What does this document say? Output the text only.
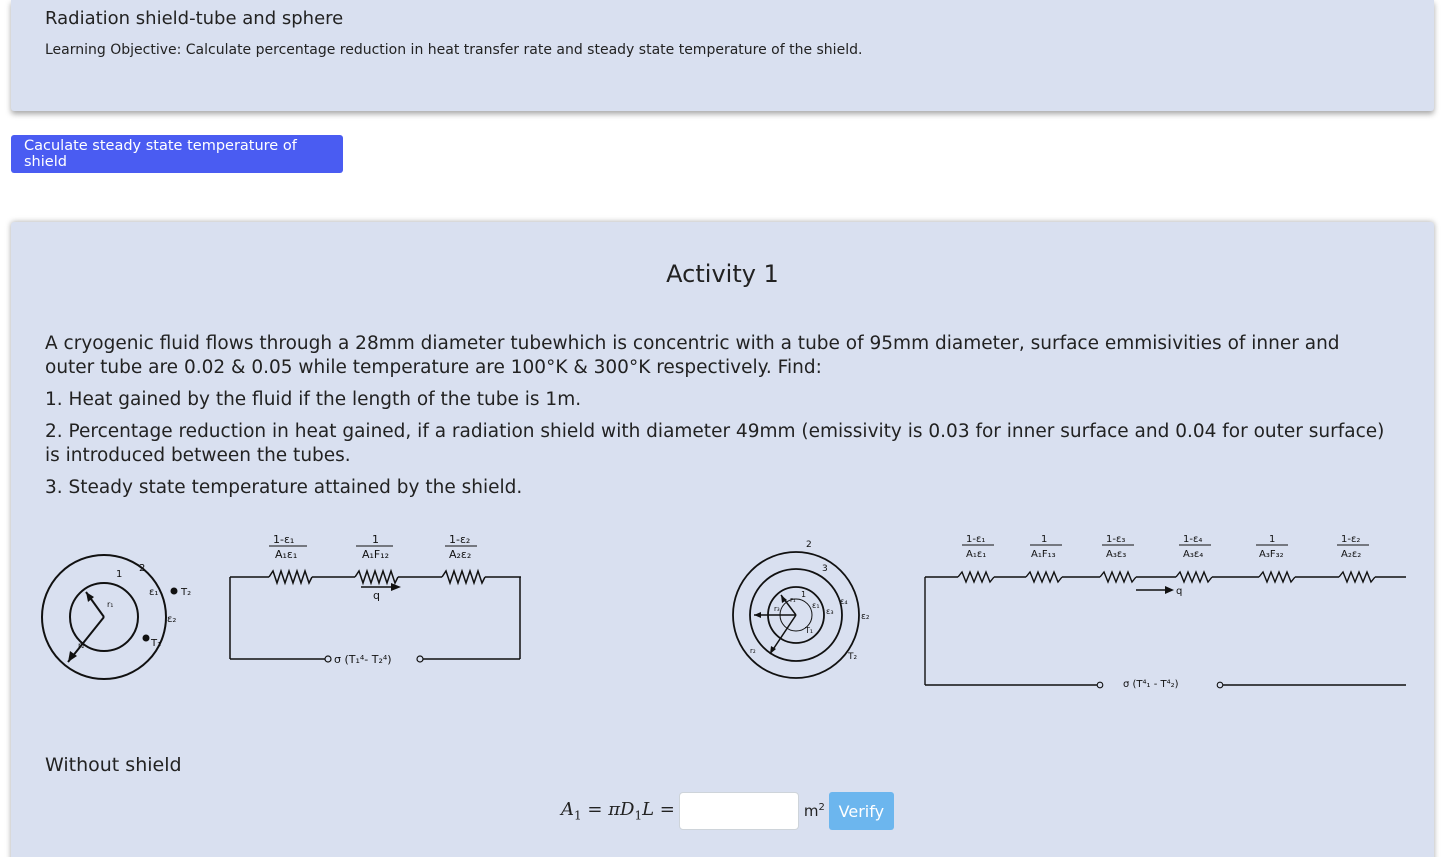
Radiation shield-tube and sphere
Learning Objective: Calculate percentage reduction in heat transfer rate and steady state temperature of the shield.
Caculate steady state temperature of shield
Activity 1

A cryogenic fluid flows through a 28mm diameter tubewhich is concentric with a tube of 95mm diameter, surface emmisivities of inner and outer tube are 0.02 & 0.05 while temperature are 100°K & 300°K respectively. Find:

1. Heat gained by the fluid if the length of the tube is 1m.

2. Percentage reduction in heat gained, if a radiation shield with diameter 49mm (emissivity is 0.03 for inner surface and 0.04 for outer surface) is introduced between the tubes.

3. Steady state temperature attained by the shield.

1
2
ε₁ T₂
r₁
ε₂
T₁
r₂
σ (T₁⁴- T₂⁴)
q
1-ε₁
A₁ε₁
1
A₁F₁₂
1-ε₂
A₂ε₂
2
3
1
r₁
r₃	ε₁
ε₃
ε₄
ε₂
T₁
r₂
T₂
σ (T⁴₁ - T⁴₂)
q
1-ε₁
A₁ε₁
1
A₁F₁₃
1-ε₃
A₃ε₃
1-ε₄
A₃ε₄
1
A₃F₃₂
1-ε₂
A₂ε₂
Without shield
$A_1 = \pi D_1L$ =	$m^2$ Verify
